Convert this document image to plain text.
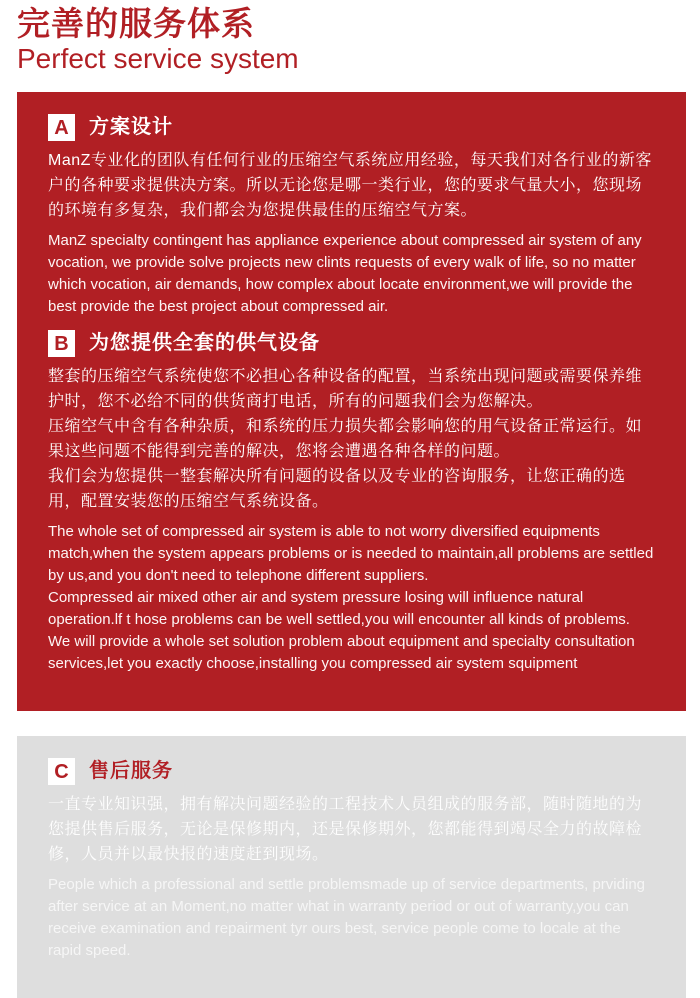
完善的服务体系
Perfect service system
A	方案设计

ManZ专业化的团队有任何行业的压缩空气系统应用经验，每天我们对各行业的新客户的各种要求提供决方案。所以无论您是哪一类行业，您的要求气量大小，您现场的环境有多复杂，我们都会为您提供最佳的压缩空气方案。

ManZ specialty contingent has appliance experience about compressed air system of any vocation, we provide solve projects new clints requests of every walk of life, so no matter which vocation, air demands, how complex about locate environment,we will provide the best provide the best project about compressed air.

B	为您提供全套的供气设备

整套的压缩空气系统使您不必担心各种设备的配置，当系统出现问题或需要保养维护时，您不必给不同的供货商打电话，所有的问题我们会为您解决。

压缩空气中含有各种杂质，和系统的压力损失都会影响您的用气设备正常运行。如果这些问题不能得到完善的解决，您将会遭遇各种各样的问题。

我们会为您提供一整套解决所有问题的设备以及专业的咨询服务，让您正确的选用，配置安装您的压缩空气系统设备。

The whole set of compressed air system is able to not worry diversified equipments match,when the system appears problems or is needed to maintain,all problems are settled by us,and you don't need to telephone different suppliers.

Compressed air mixed other air and system pressure losing will influence natural operation.lf t hose problems can be well settled,you will encounter all kinds of problems.

We will provide a whole set solution problem about equipment and specialty consultation services,let you exactly choose,installing you compressed air system squipment

C	售后服务

一直专业知识强，拥有解决问题经验的工程技术人员组成的服务部，随时随地的为您提供售后服务，无论是保修期内，还是保修期外，您都能得到竭尽全力的故障检修，人员并以最快报的速度赶到现场。

People which a professional and settle problemsmade up of service departments, prviding after service at an Moment,no matter what in warranty period or out of warranty,you can receive examination and repairment tyr ours best, service people come to locale at the rapid speed.
